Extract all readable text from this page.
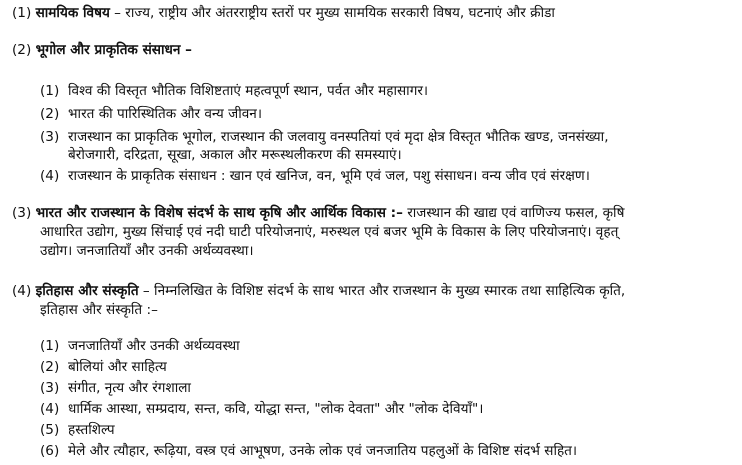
(1) सामयिक विषय – राज्य, राष्ट्रीय और अंतरराष्ट्रीय स्तरों पर मुख्य सामयिक सरकारी विषय, घटनाएं और क्रीडा
(2) भूगोल और प्राकृतिक संसाधन –
(1) विश्व की विस्तृत भौतिक विशिष्टताएं महत्वपूर्ण स्थान, पर्वत और महासागर।
(2) भारत की पारिस्थितिक और वन्य जीवन।
(3) राजस्थान का प्राकृतिक भूगोल, राजस्थान की जलवायु वनस्पतियां एवं मृदा क्षेत्र विस्तृत भौतिक खण्ड, जनसंख्या,
बेरोजगारी, दरिद्रता, सूखा, अकाल और मरूस्थलीकरण की समस्याएं।
(4) राजस्थान के प्राकृतिक संसाधन : खान एवं खनिज, वन, भूमि एवं जल, पशु संसाधन। वन्य जीव एवं संरक्षण।
(3) भारत और राजस्थान के विशेष संदर्भ के साथ कृषि और आर्थिक विकास :– राजस्थान की खाद्य एवं वाणिज्य फसल, कृषि
आधारित उद्योग, मुख्य सिंचाई एवं नदी घाटी परियोजनाएं, मरुस्थल एवं बजर भूमि के विकास के लिए परियोजनाएं। वृहत्
उद्योग। जनजातियाँ और उनकी अर्थव्यवस्था।
(4) इतिहास और संस्कृति – निम्नलिखित के विशिष्ट संदर्भ के साथ भारत और राजस्थान के मुख्य स्मारक तथा साहित्यिक कृति,
इतिहास और संस्कृति :–
(1) जनजातियाँ और उनकी अर्थव्यवस्था
(2) बोलियां और साहित्य
(3) संगीत, नृत्य और रंगशाला
(4) धार्मिक आस्था, सम्प्रदाय, सन्त, कवि, योद्धा सन्त, "लोक देवता" और "लोक देवियाँ"।
(5) हस्तशिल्प
(6) मेले और त्यौहार, रूढ़िया, वस्त्र एवं आभूषण, उनके लोक एवं जनजातिय पहलुओं के विशिष्ट संदर्भ सहित।
